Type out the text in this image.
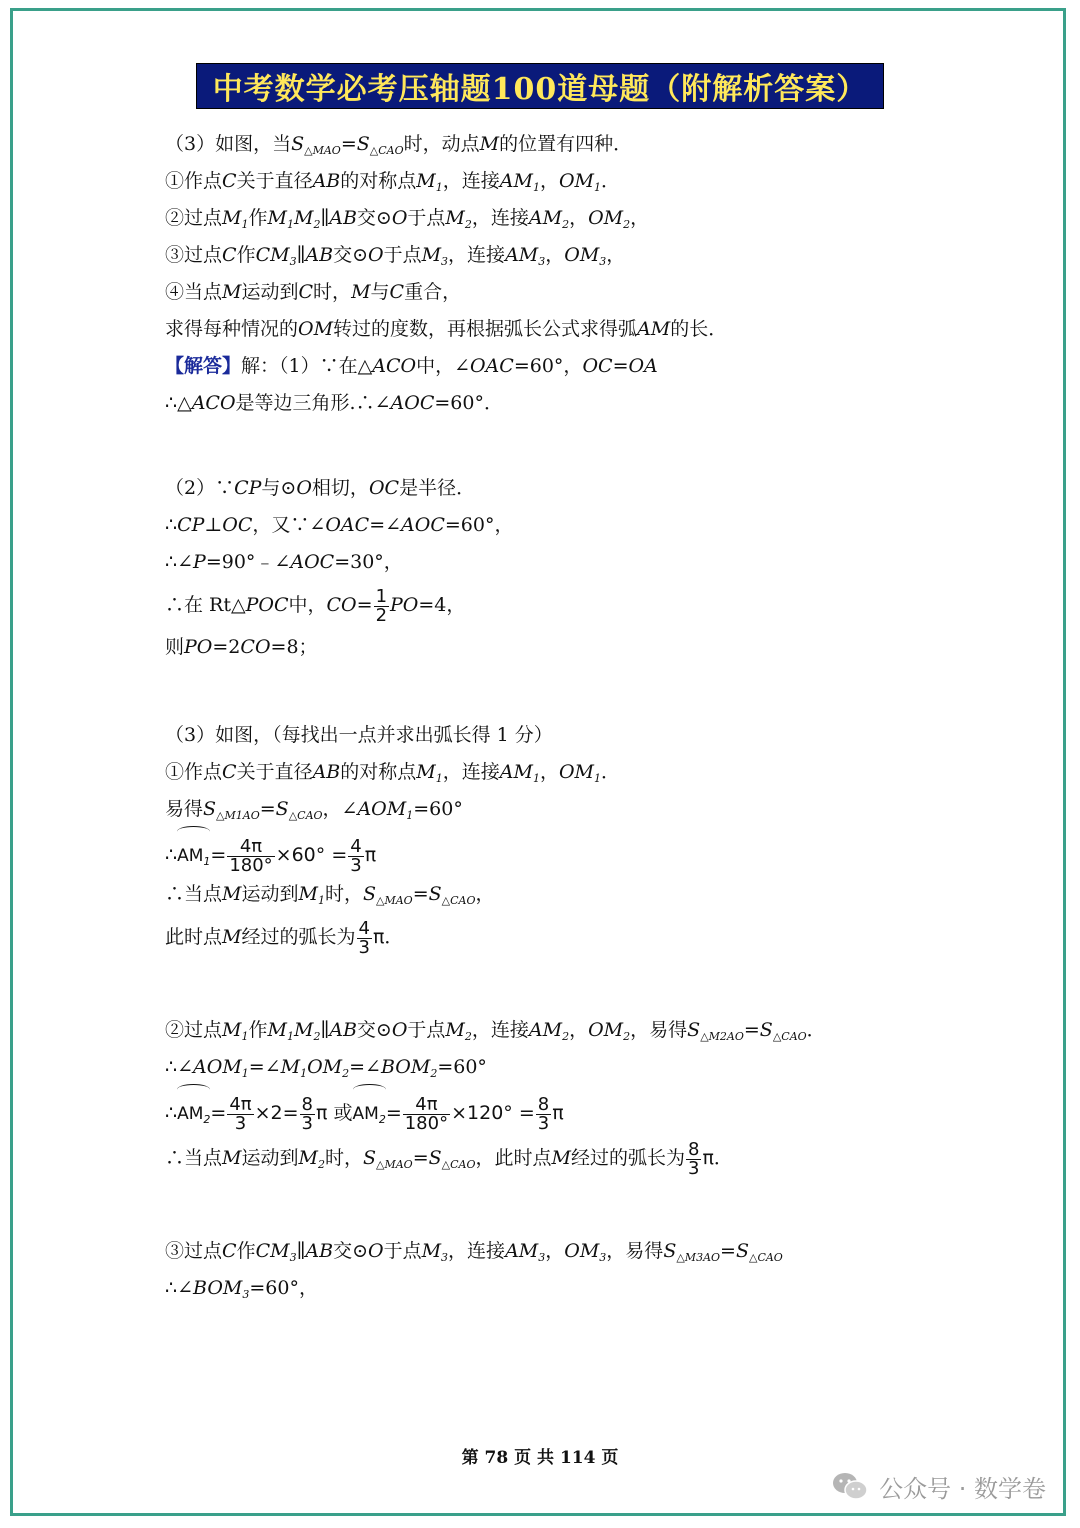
中考数学必考压轴题100道母题（附解析答案）
（3）如图，当$S_{\triangle MAO}=S_{\triangle CAO}$时，动点M的位置有四种．
①作点C关于直径AB的对称点$M_1$，连接$AM_1$，$OM_1$．
②过点$M_1$作$M_1M_2\parallel AB$交⊙O于点$M_2$，连接$AM_2$，$OM_2$，
③过点C作$CM_3\parallel AB$交⊙O于点$M_3$，连接$AM_3$，$OM_3$，
④当点M运动到C时，M与C重合，
求得每种情况的OM转过的度数，再根据弧长公式求得弧AM的长．
【解答】解：（1）∵在△ACO中，∠OAC=60°，OC=OA
∴△ACO是等边三角形.∴∠AOC=60°．
（2）∵CP与⊙O相切，OC是半径．
∴CP⊥OC，又∵∠OAC=∠AOC=60°，
∴∠P=90°﹣∠AOC=30°，
∴在 Rt△POC中，$CO= \frac{1}{2} PO=4$，
则PO=2CO=8；
（3）如图，（每找出一点并求出弧长得 1 分）
①作点C关于直径AB的对称点$M_1$，连接$AM_1$，$OM_1$．
易得$S_{\triangle M1AO}=S_{\triangle CAO}$，$\angle AOM_1=60^\circ$
$\therefore AM_1= \frac{4\pi}{180^\circ} \times 60^\circ = \frac{4}{3}$ π
∴当点M运动到$M_1$时，$S_{\triangle MAO}=S_{\triangle CAO}$，
此时点M经过的弧长为 $\frac{4}{3}$ π．
②过点$M_1$作$M_1M_2\parallel AB$交⊙O于点$M_2$，连接$AM_2$，$OM_2$，易得$S_{\triangle M2AO}=S_{\triangle CAO}$．
$\therefore\angle AOM_1=\angle M_1OM_2=\angle BOM_2=60^\circ$
$\therefore AM_2= \frac{4\pi}{3} \times 2= \frac{8}{3}$ π 或$AM_2= \frac{4\pi}{180^\circ} \times 120^\circ = \frac{8}{3}$ π
∴当点M运动到$M_2$时，$S_{\triangle MAO}=S_{\triangle CAO}$，此时点M经过的弧长为 $\frac{8}{3}$ π．
③过点C作$CM_3\parallel AB$交⊙O于点$M_3$，连接$AM_3$，$OM_3$，易得$S_{\triangle M3AO}=S_{\triangle CAO}$
$\therefore\angle BOM_3=60^\circ$，
第 78 页 共 114 页
公众号 · 数学卷
